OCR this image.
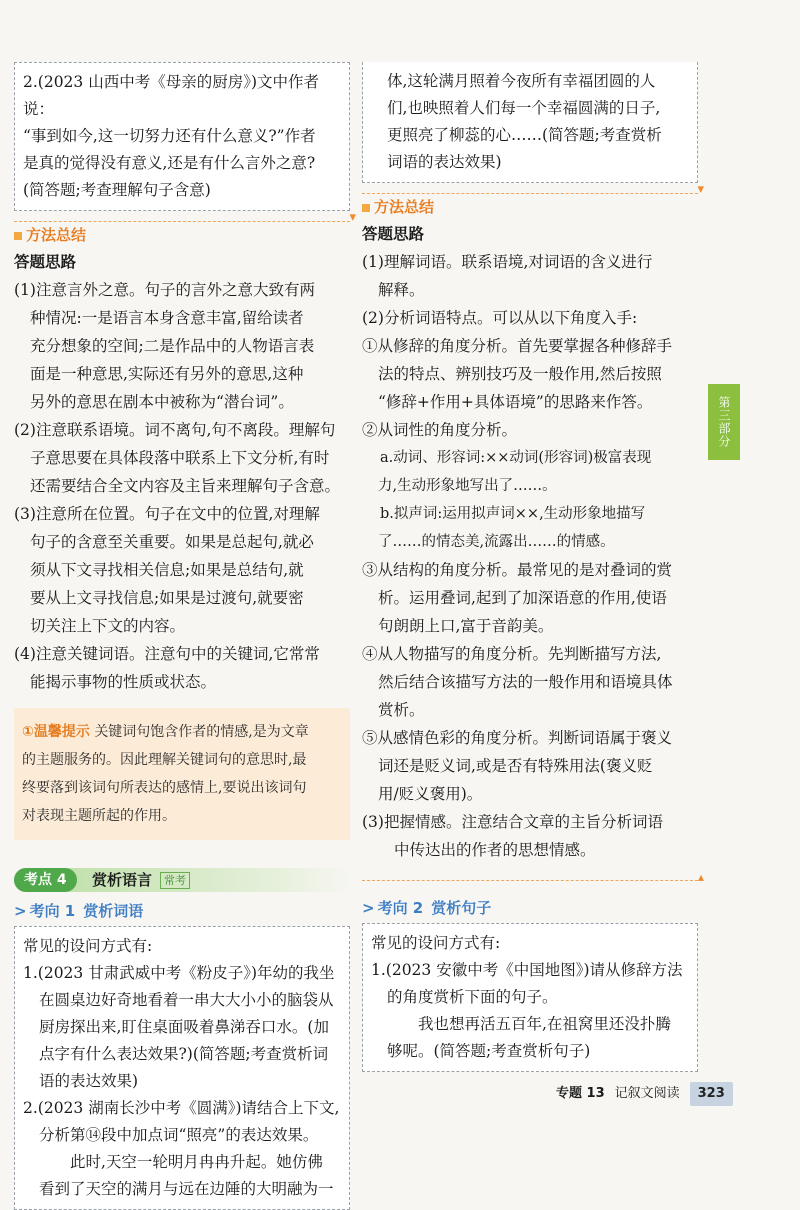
2.(2023 山西中考《母亲的厨房》)文中作者说：

“事到如今,这一切努力还有什么意义?”作者

是真的觉得没有意义,还是有什么言外之意?

(简答题;考查理解句子含意)

方法总结
▾
答题思路

(1)注意言外之意。句子的言外之意大致有两

种情况:一是语言本身含意丰富,留给读者

充分想象的空间;二是作品中的人物语言表

面是一种意思,实际还有另外的意思,这种

另外的意思在剧本中被称为“潜台词”。

(2)注意联系语境。词不离句,句不离段。理解句

子意思要在具体段落中联系上下文分析,有时

还需要结合全文内容及主旨来理解句子含意。

(3)注意所在位置。句子在文中的位置,对理解

句子的含意至关重要。如果是总起句,就必

须从下文寻找相关信息;如果是总结句,就

要从上文寻找信息;如果是过渡句,就要密

切关注上下文的内容。

(4)注意关键词语。注意句中的关键词,它常常

能揭示事物的性质或状态。

①温馨提示 关键词句饱含作者的情感,是为文章
的主题服务的。因此理解关键词句的意思时,最
终要落到该词句所表达的感情上,要说出该词句
对表现主题所起的作用。
考点 4	赏析语言	常考
> 考向 1 赏析词语

常见的设问方式有:

1.(2023 甘肃武威中考《粉皮子》)年幼的我坐

在圆桌边好奇地看着一串大大小小的脑袋从

厨房探出来,盯住桌面吸着鼻涕吞口水。(加

点字有什么表达效果?)(简答题;考查赏析词

语的表达效果)

2.(2023 湖南长沙中考《圆满》)请结合上下文,

分析第⑭段中加点词“照亮”的表达效果。

　　此时,天空一轮明月冉冉升起。她仿佛

看到了天空的满月与远在边陲的大明融为一

体,这轮满月照着今夜所有幸福团圆的人

们,也映照着人们每一个幸福圆满的日子,

更照亮了柳蕊的心……(简答题;考查赏析

词语的表达效果)

方法总结
▾
答题思路

(1)理解词语。联系语境,对词语的含义进行

解释。

(2)分析词语特点。可以从以下角度入手:

①从修辞的角度分析。首先要掌握各种修辞手

法的特点、辨别技巧及一般作用,然后按照

“修辞+作用+具体语境”的思路来作答。

②从词性的角度分析。

a.动词、形容词:××动词(形容词)极富表现

力,生动形象地写出了……。

b.拟声词:运用拟声词××,生动形象地描写

了……的情态美,流露出……的情感。

③从结构的角度分析。最常见的是对叠词的赏

析。运用叠词,起到了加深语意的作用,使语

句朗朗上口,富于音韵美。

④从人物描写的角度分析。先判断描写方法,

然后结合该描写方法的一般作用和语境具体

赏析。

⑤从感情色彩的角度分析。判断词语属于褒义

词还是贬义词,或是否有特殊用法(褒义贬

用/贬义褒用)。

(3)把握情感。注意结合文章的主旨分析词语

中传达出的作者的思想情感。

▴
> 考向 2 赏析句子

常见的设问方式有:

1.(2023 安徽中考《中国地图》)请从修辞方法

的角度赏析下面的句子。

　　我也想再活五百年,在祖窝里还没扑腾

够呢。(简答题;考查赏析句子)

第三部分
专题 13 记叙文阅读	323
